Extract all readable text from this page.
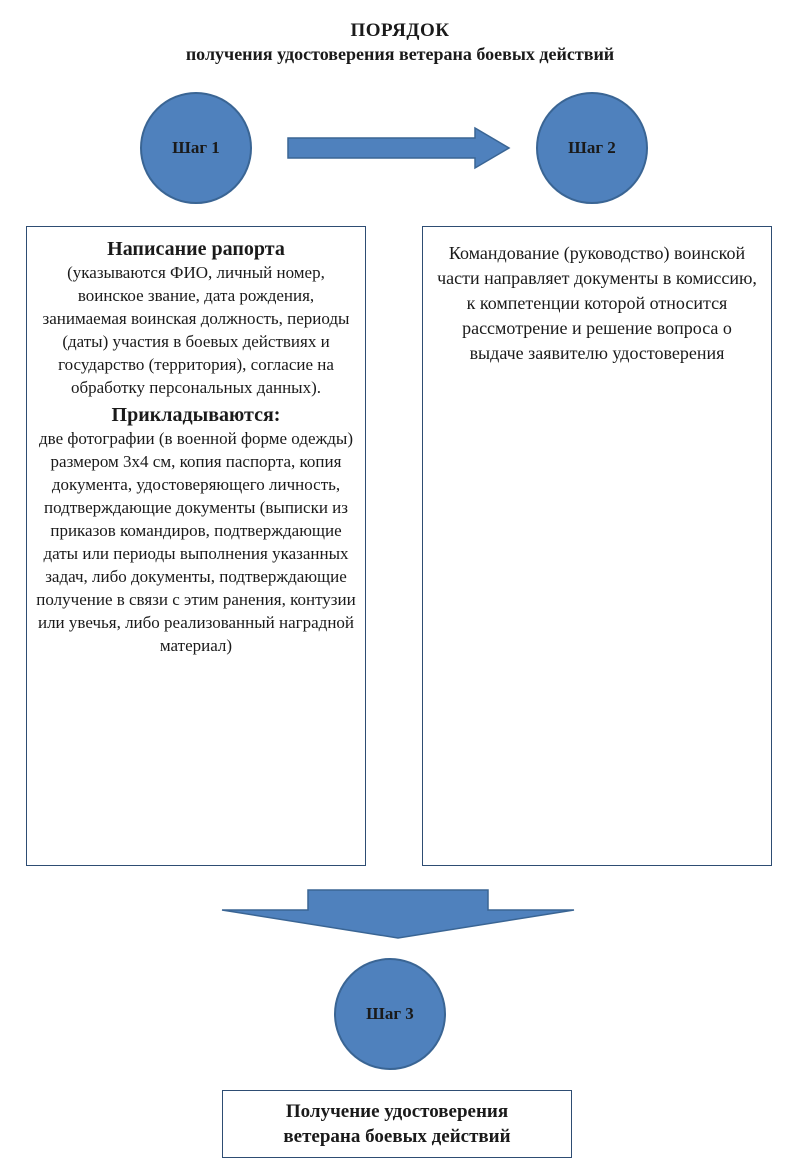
ПОРЯДОК
получения удостоверения ветерана боевых действий
Шаг 1	Шаг 2
Написание рапорта
(указываются ФИО, личный номер, воинское звание, дата рождения, занимаемая воинская должность, периоды (даты) участия в боевых действиях и государство (территория), согласие на обработку персональных данных).
Прикладываются:
две фотографии (в военной форме одежды) размером 3х4 см, копия паспорта, копия документа, удостоверяющего личность, подтверждающие документы (выписки из приказов командиров, подтверждающие даты или периоды выполнения указанных задач, либо документы, подтверждающие получение в связи с этим ранения, контузии или увечья, либо реализованный наградной материал)
Командование (руководство) воинской части направляет документы в комиссию, к компетенции которой относится рассмотрение и решение вопроса о выдаче заявителю удостоверения
Шаг 3
Получение удостоверения
ветерана боевых действий
